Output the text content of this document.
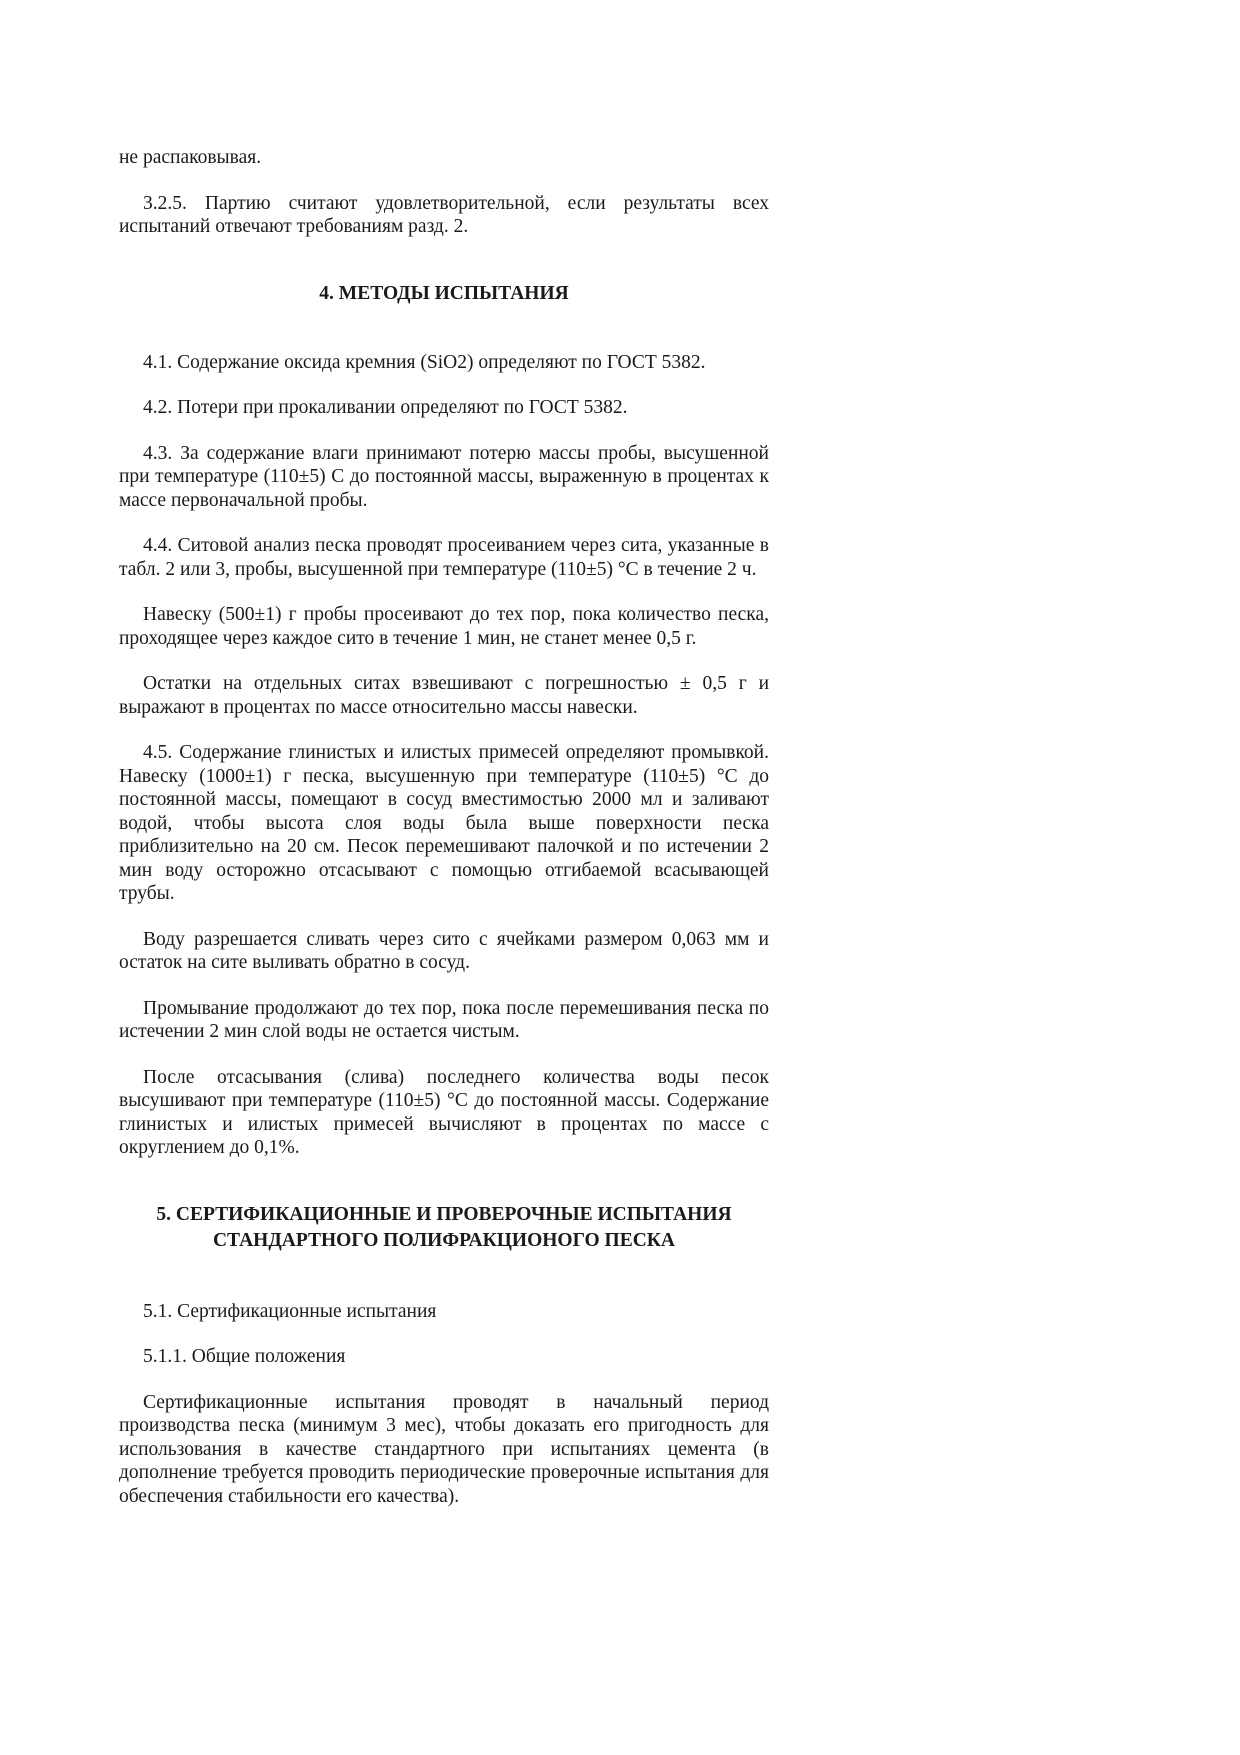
не распаковывая.

3.2.5. Партию считают удовлетворительной, если результаты всех испытаний отвечают требованиям разд. 2.

4. МЕТОДЫ ИСПЫТАНИЯ

4.1. Содержание оксида кремния (SiO2) определяют по ГОСТ 5382.

4.2. Потери при прокаливании определяют по ГОСТ 5382.

4.3. За содержание влаги принимают потерю массы пробы, высушенной при температуре (110±5) С до постоянной массы, выраженную в процентах к массе первоначальной пробы.

4.4. Ситовой анализ песка проводят просеиванием через сита, указанные в табл. 2 или 3, пробы, высушенной при температуре (110±5) °С в течение 2 ч.

Навеску (500±1) г пробы просеивают до тех пор, пока количество песка, проходящее через каждое сито в течение 1 мин, не станет менее 0,5 г.

Остатки на отдельных ситах взвешивают с погрешностью ± 0,5 г и выражают в процентах по массе относительно массы навески.

4.5. Содержание глинистых и илистых примесей определяют промывкой. Навеску (1000±1) г песка, высушенную при температуре (110±5) °С до постоянной массы, помещают в сосуд вместимостью 2000 мл и заливают водой, чтобы высота слоя воды была выше поверхности песка приблизительно на 20 см. Песок перемешивают палочкой и по истечении 2 мин воду осторожно отсасывают с помощью отгибаемой всасывающей трубы.

Воду разрешается сливать через сито с ячейками размером 0,063 мм и остаток на сите выливать обратно в сосуд.

Промывание продолжают до тех пор, пока после перемешивания песка по истечении 2 мин слой воды не остается чистым.

После отсасывания (слива) последнего количества воды песок высушивают при температуре (110±5) °С до постоянной массы. Содержание глинистых и илистых примесей вычисляют в процентах по массе с округлением до 0,1%.

5. СЕРТИФИКАЦИОННЫЕ И ПРОВЕРОЧНЫЕ ИСПЫТАНИЯ
СТАНДАРТНОГО ПОЛИФРАКЦИОНОГО ПЕСКА

5.1. Сертификационные испытания

5.1.1. Общие положения

Сертификационные испытания проводят в начальный период производства песка (минимум 3 мес), чтобы доказать его пригодность для использования в качестве стандартного при испытаниях цемента (в дополнение требуется проводить периодические проверочные испытания для обеспечения стабильности его качества).
